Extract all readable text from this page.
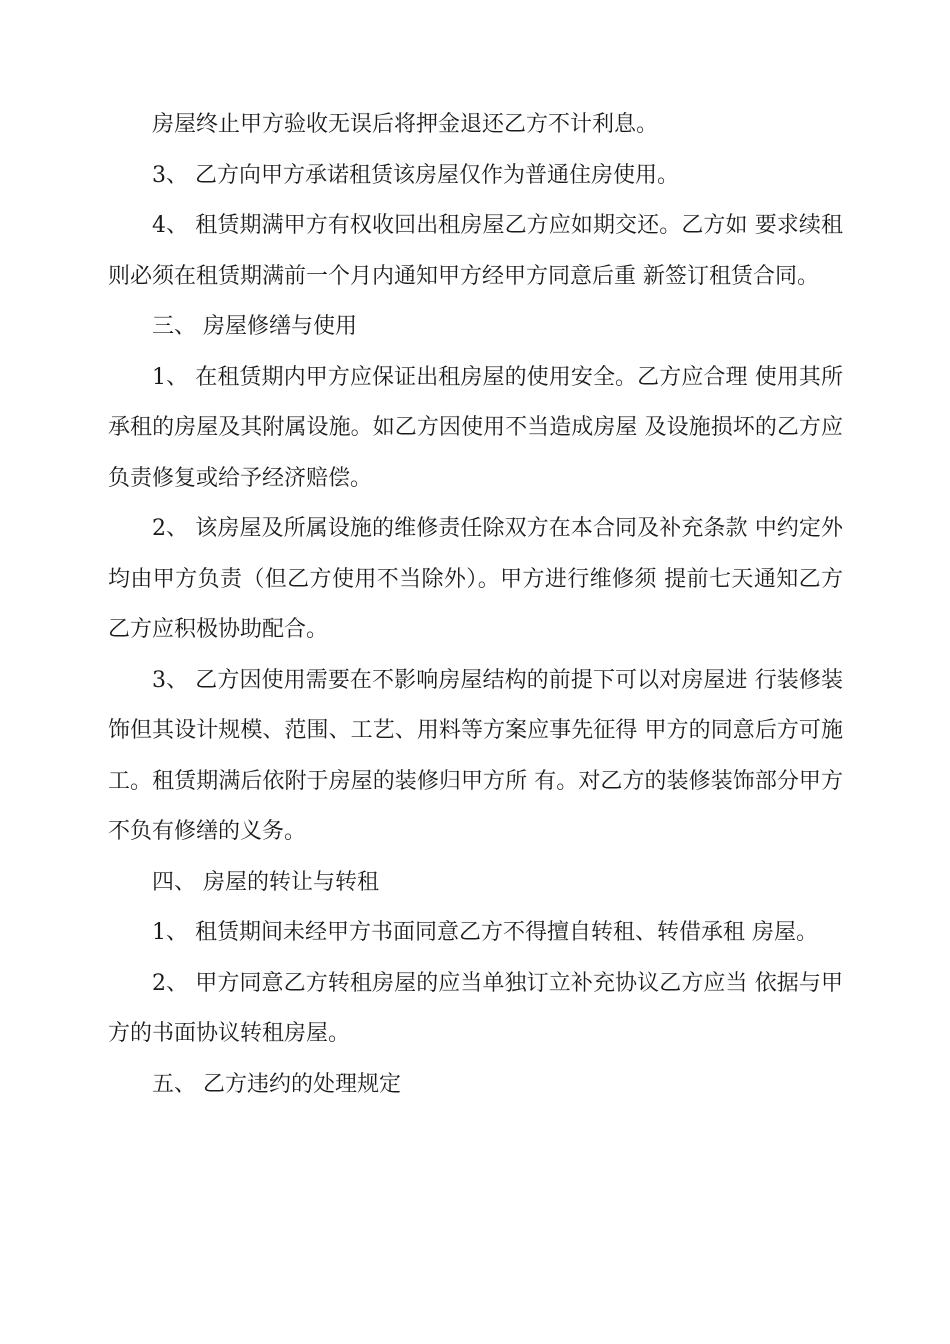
房屋终止甲方验收无误后将押金退还乙方不计利息。

3、 乙方向甲方承诺租赁该房屋仅作为普通住房使用。

4、 租赁期满甲方有权收回出租房屋乙方应如期交还。乙方如 要求续租则必须在租赁期满前一个月内通知甲方经甲方同意后重 新签订租赁合同。

三、 房屋修缮与使用

1、 在租赁期内甲方应保证出租房屋的使用安全。乙方应合理 使用其所承租的房屋及其附属设施。如乙方因使用不当造成房屋 及设施损坏的乙方应负责修复或给予经济赔偿。

2、 该房屋及所属设施的维修责任除双方在本合同及补充条款 中约定外均由甲方负责（但乙方使用不当除外）。甲方进行维修须 提前七天通知乙方乙方应积极协助配合。

3、 乙方因使用需要在不影响房屋结构的前提下可以对房屋进 行装修装饰但其设计规模、范围、工艺、用料等方案应事先征得 甲方的同意后方可施工。租赁期满后依附于房屋的装修归甲方所 有。对乙方的装修装饰部分甲方不负有修缮的义务。

四、 房屋的转让与转租

1、 租赁期间未经甲方书面同意乙方不得擅自转租、转借承租 房屋。

2、 甲方同意乙方转租房屋的应当单独订立补充协议乙方应当 依据与甲方的书面协议转租房屋。

五、 乙方违约的处理规定
